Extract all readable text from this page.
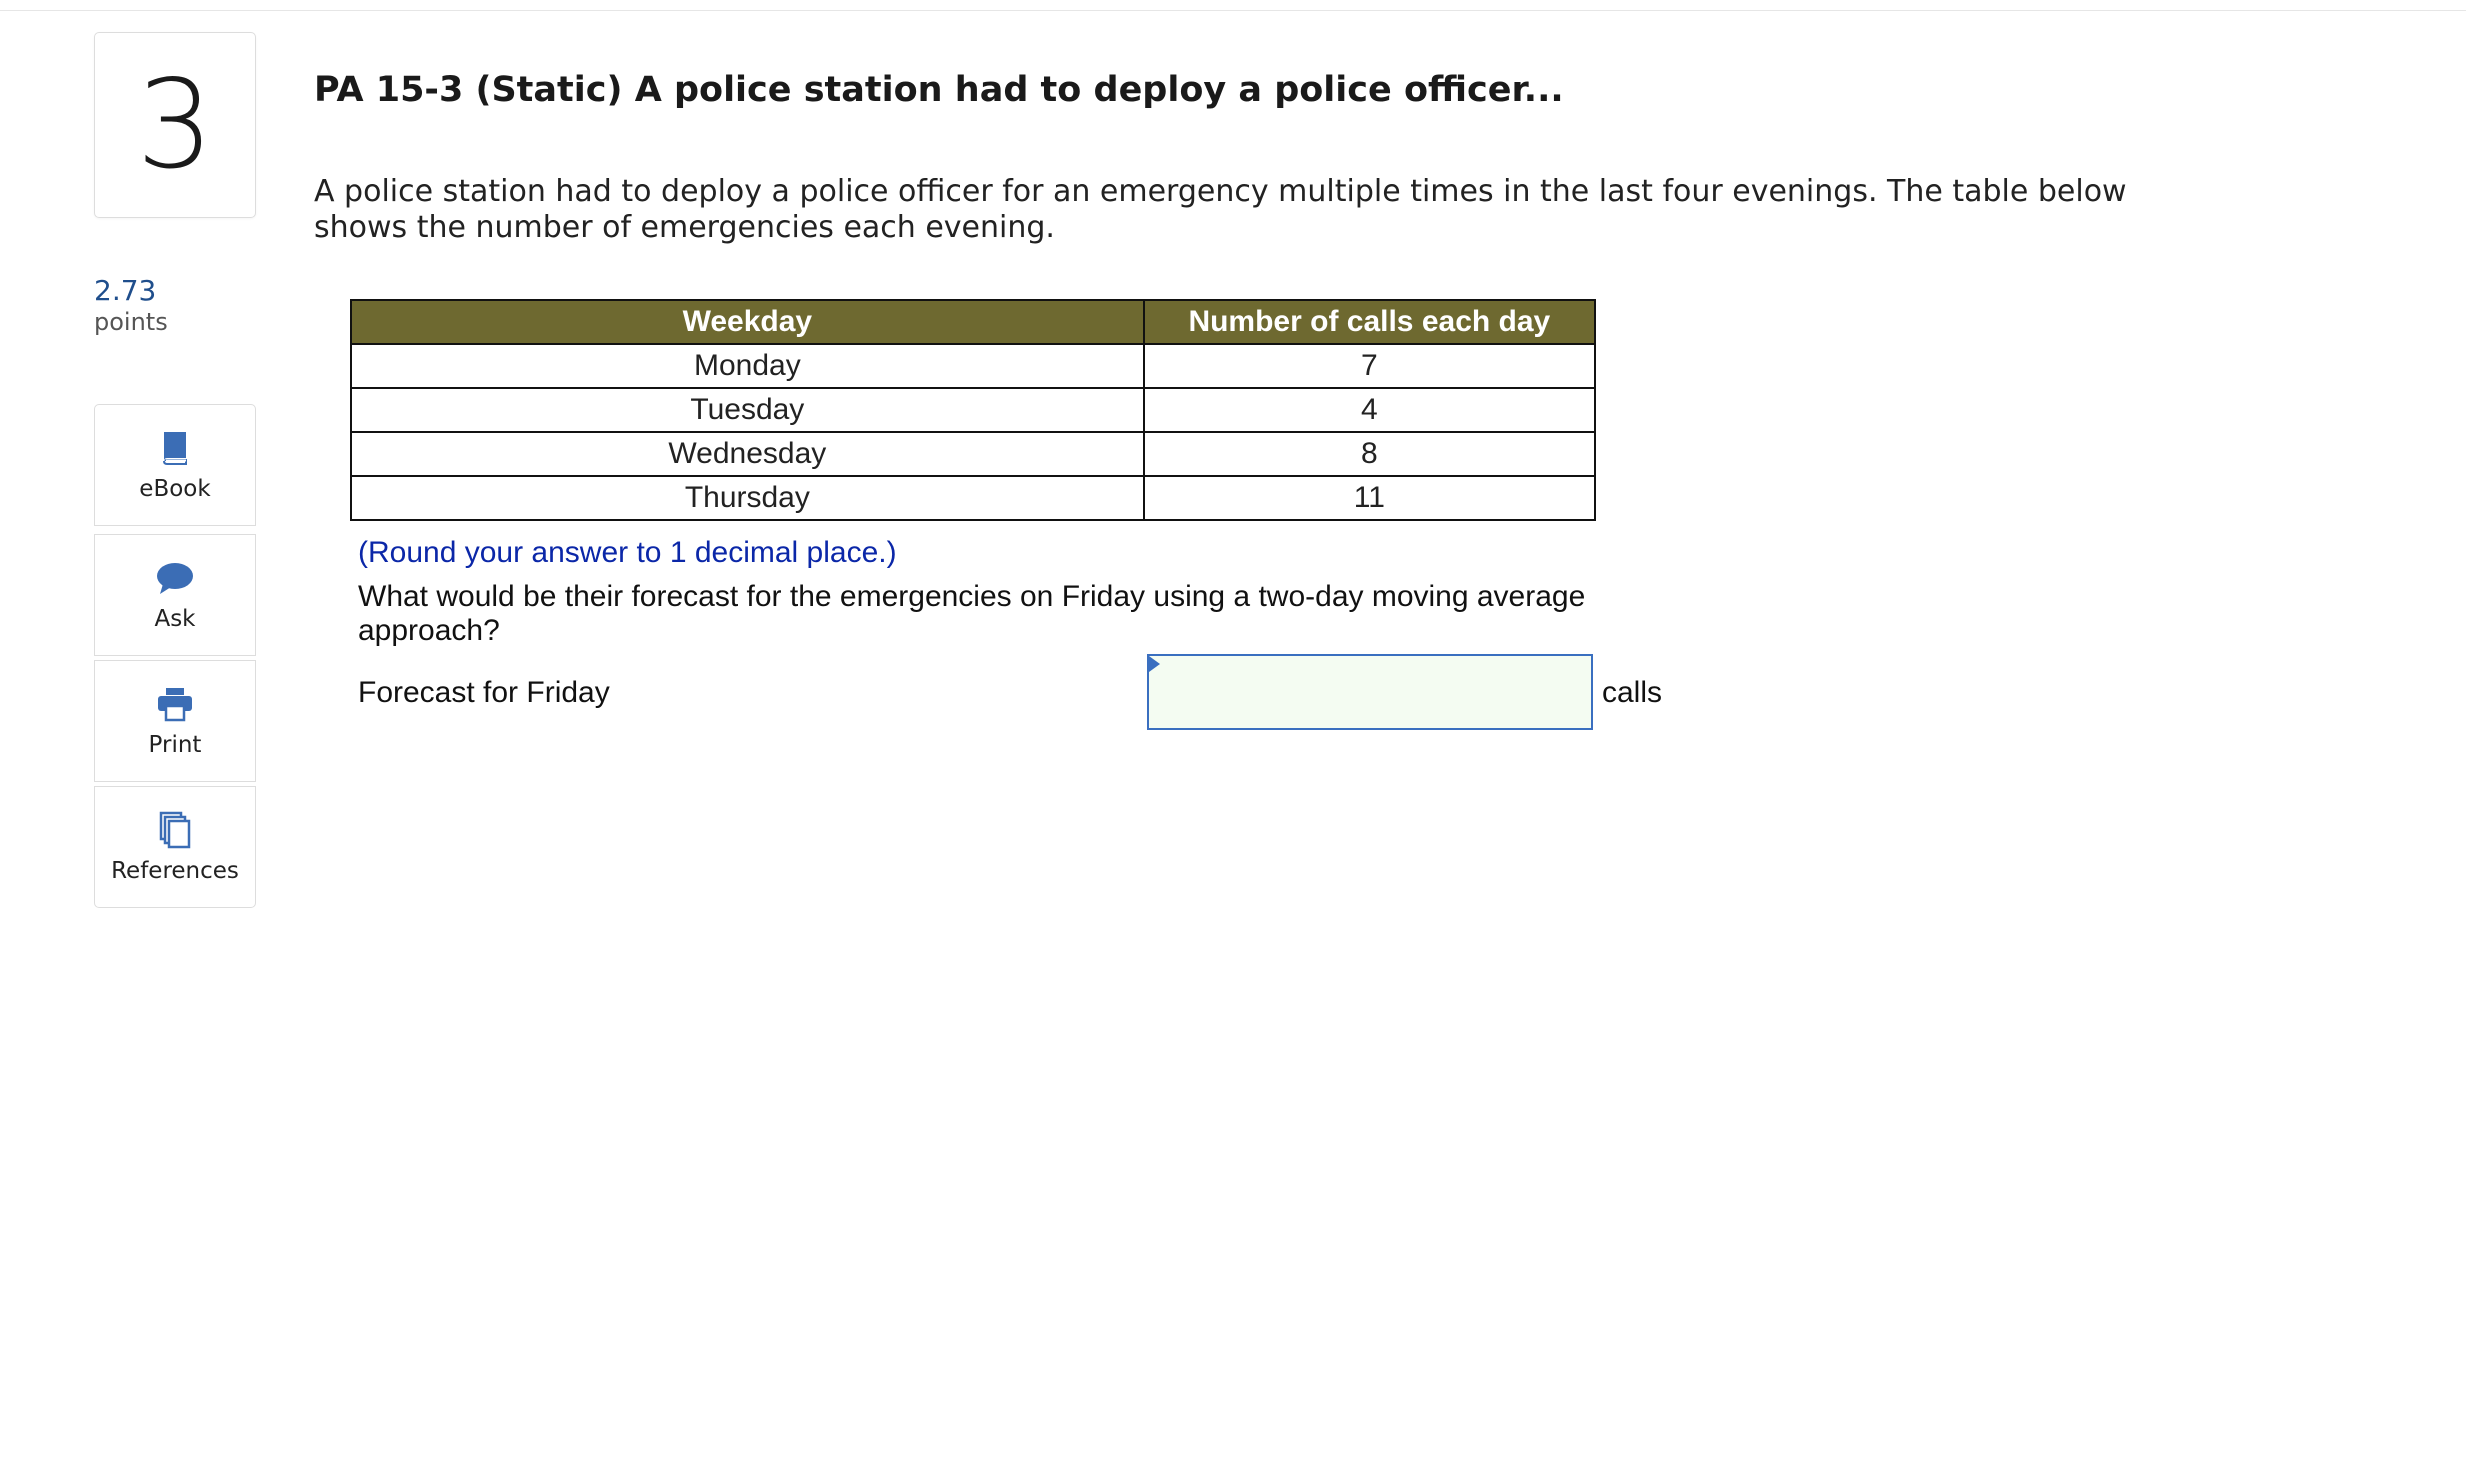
3
2.73
points
eBook
Ask
Print
References
PA 15-3 (Static) A police station had to deploy a police officer...
A police station had to deploy a police officer for an emergency multiple times in the last four evenings. The table below shows the number of emergencies each evening.
Weekday	Number of calls each day
Monday	7
Tuesday	4
Wednesday	8
Thursday	11
(Round your answer to 1 decimal place.)
What would be their forecast for the emergencies on Friday using a two-day moving average approach?
Forecast for Friday	calls
